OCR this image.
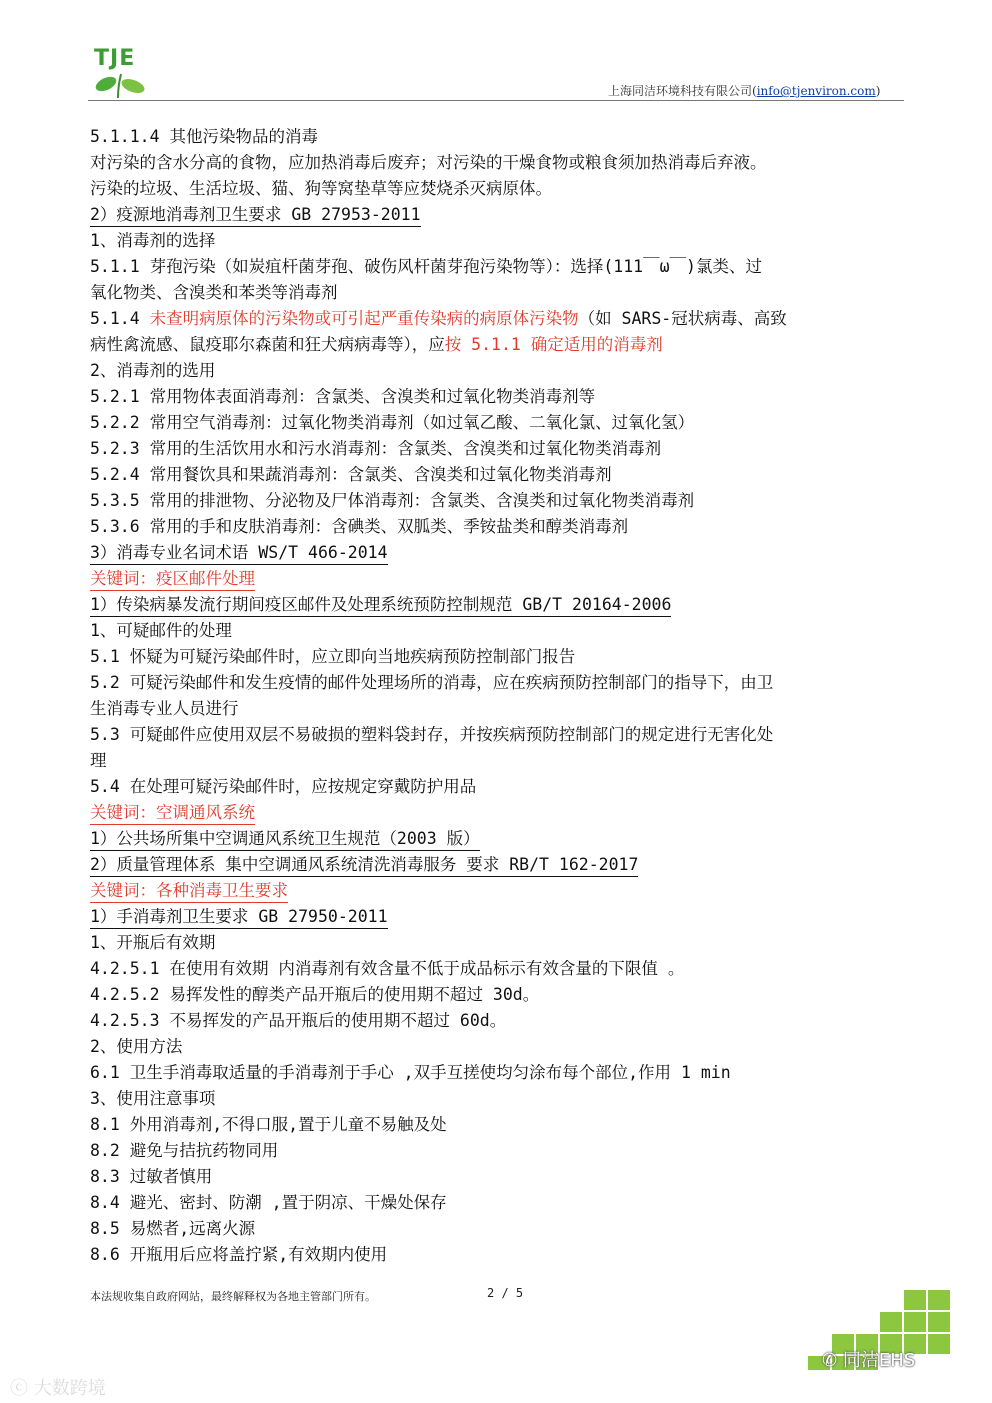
TJE
上海同洁环境科技有限公司(info@tjenviron.com)
5.1.1.4 其他污染物品的消毒
对污染的含水分高的食物，应加热消毒后废弃；对污染的干燥食物或粮食须加热消毒后弃液。
污染的垃圾、生活垃圾、猫、狗等窝垫草等应焚烧杀灭病原体。
2）疫源地消毒剂卫生要求 GB 27953-2011
1、消毒剂的选择
5.1.1 芽孢污染（如炭疽杆菌芽孢、破伤风杆菌芽孢污染物等）：选择(111￣ω￣)氯类、过
氧化物类、含溴类和苯类等消毒剂
5.1.4 未查明病原体的污染物或可引起严重传染病的病原体污染物（如 SARS-冠状病毒、高致
病性禽流感、鼠疫耶尔森菌和狂犬病病毒等），应按 5.1.1 确定适用的消毒剂
2、消毒剂的选用
5.2.1 常用物体表面消毒剂：含氯类、含溴类和过氧化物类消毒剂等
5.2.2 常用空气消毒剂：过氧化物类消毒剂（如过氧乙酸、二氧化氯、过氧化氢）
5.2.3 常用的生活饮用水和污水消毒剂：含氯类、含溴类和过氧化物类消毒剂
5.2.4 常用餐饮具和果蔬消毒剂：含氯类、含溴类和过氧化物类消毒剂
5.3.5 常用的排泄物、分泌物及尸体消毒剂：含氯类、含溴类和过氧化物类消毒剂
5.3.6 常用的手和皮肤消毒剂：含碘类、双胍类、季铵盐类和醇类消毒剂
3）消毒专业名词术语 WS/T 466-2014
关键词：疫区邮件处理
1）传染病暴发流行期间疫区邮件及处理系统预防控制规范 GB/T 20164-2006
1、可疑邮件的处理
5.1 怀疑为可疑污染邮件时，应立即向当地疾病预防控制部门报告
5.2 可疑污染邮件和发生疫情的邮件处理场所的消毒，应在疾病预防控制部门的指导下，由卫
生消毒专业人员进行
5.3 可疑邮件应使用双层不易破损的塑料袋封存，并按疾病预防控制部门的规定进行无害化处
理
5.4 在处理可疑污染邮件时，应按规定穿戴防护用品
关键词：空调通风系统
1）公共场所集中空调通风系统卫生规范（2003 版）
2）质量管理体系 集中空调通风系统清洗消毒服务 要求 RB/T 162-2017
关键词：各种消毒卫生要求
1）手消毒剂卫生要求 GB 27950-2011
1、开瓶后有效期
4.2.5.1 在使用有效期 内消毒剂有效含量不低于成品标示有效含量的下限值 。
4.2.5.2 易挥发性的醇类产品开瓶后的使用期不超过 30d。
4.2.5.3 不易挥发的产品开瓶后的使用期不超过 60d。
2、使用方法
6.1 卫生手消毒取适量的手消毒剂于手心 ,双手互搓使均匀涂布每个部位,作用 1 min
3、使用注意事项
8.1 外用消毒剂,不得口服,置于儿童不易触及处
8.2 避免与拮抗药物同用
8.3 过敏者慎用
8.4 避光、密封、防潮 ,置于阴凉、干燥处保存
8.5 易燃者,远离火源
8.6 开瓶用后应将盖拧紧,有效期内使用
本法规收集自政府网站，最终解释权为各地主管部门所有。	2 / 5
✆ 同洁EHS
ⓒ 大数跨境
